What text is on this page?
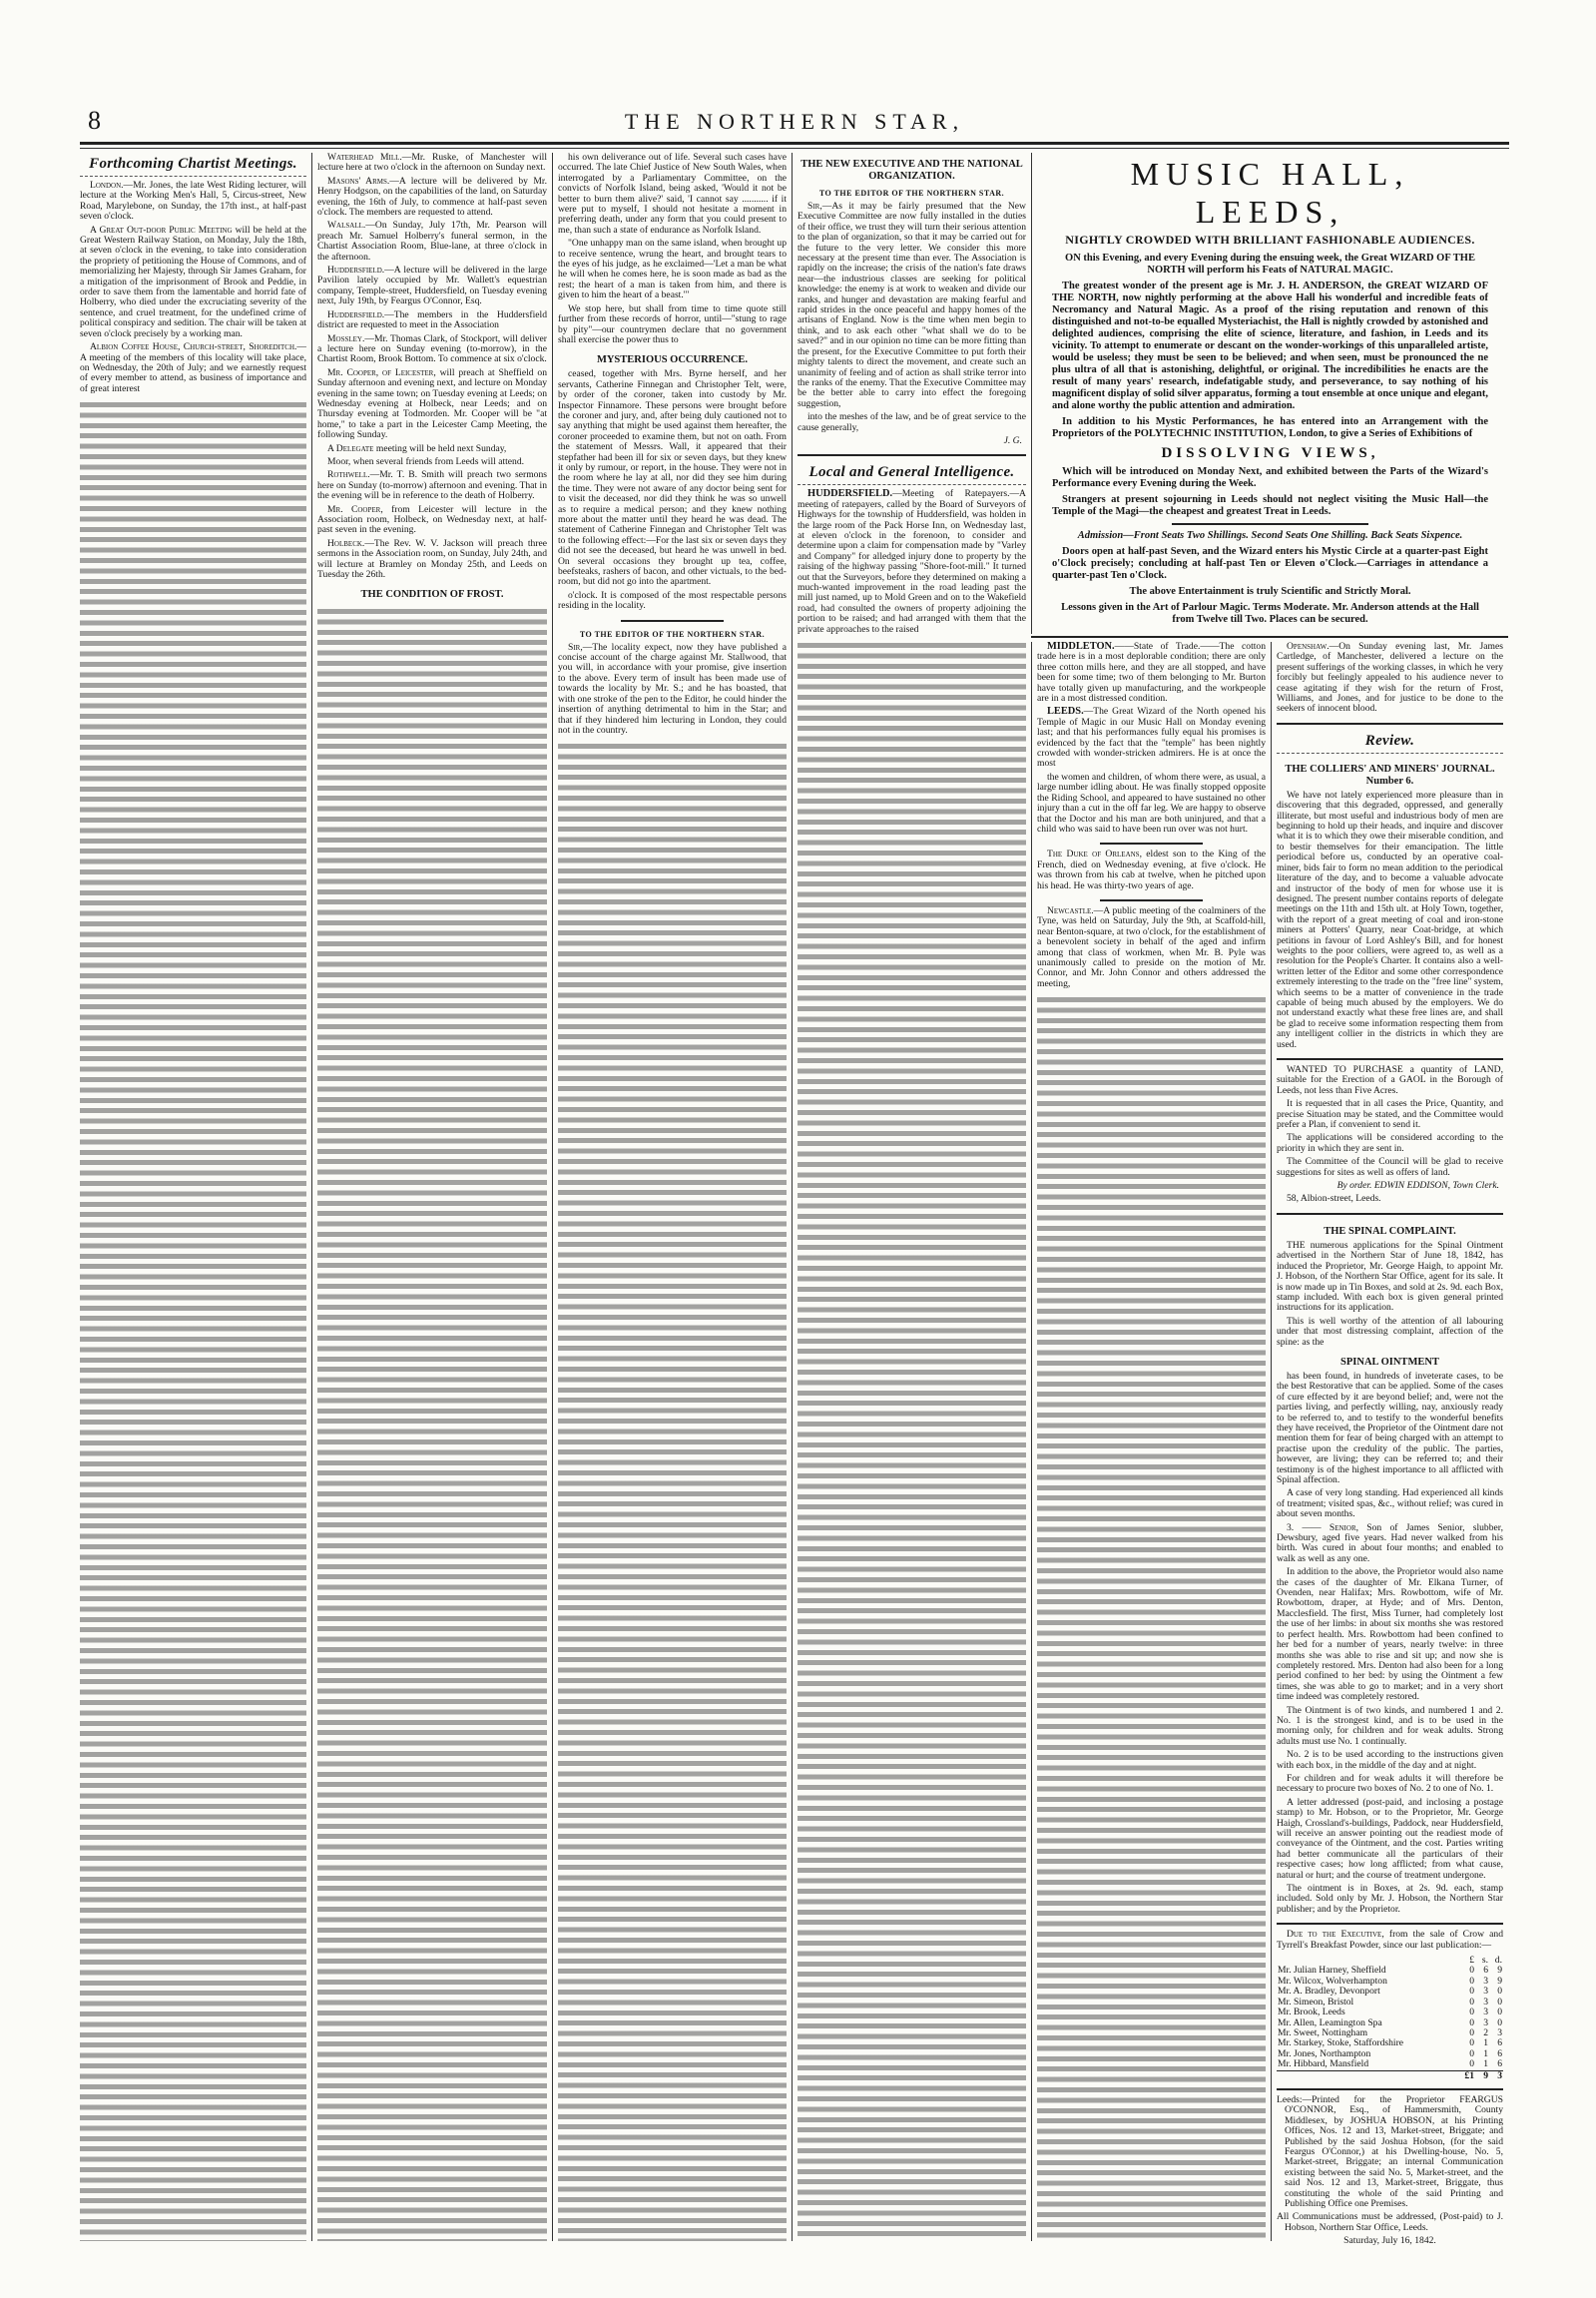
8	THE NORTHERN STAR,
Forthcoming Chartist Meetings.

London.—Mr. Jones, the late West Riding lecturer, will lecture at the Working Men's Hall, 5, Circus-street, New Road, Marylebone, on Sunday, the 17th inst., at half-past seven o'clock.

A Great Out-door Public Meeting will be held at the Great Western Railway Station, on Monday, July the 18th, at seven o'clock in the evening, to take into consideration the propriety of petitioning the House of Commons, and of memorializing her Majesty, through Sir James Graham, for a mitigation of the imprisonment of Brook and Peddie, in order to save them from the lamentable and horrid fate of Holberry, who died under the excruciating severity of the sentence, and cruel treatment, for the undefined crime of political conspiracy and sedition. The chair will be taken at seven o'clock precisely by a working man.

Albion Coffee House, Church-street, Shoreditch.—A meeting of the members of this locality will take place, on Wednesday, the 20th of July; and we earnestly request of every member to attend, as business of importance and of great interest

Waterhead Mill.—Mr. Ruske, of Manchester will lecture here at two o'clock in the afternoon on Sunday next.

Masons' Arms.—A lecture will be delivered by Mr. Henry Hodgson, on the capabilities of the land, on Saturday evening, the 16th of July, to commence at half-past seven o'clock. The members are requested to attend.

Walsall.—On Sunday, July 17th, Mr. Pearson will preach Mr. Samuel Holberry's funeral sermon, in the Chartist Association Room, Blue-lane, at three o'clock in the afternoon.

Huddersfield.—A lecture will be delivered in the large Pavilion lately occupied by Mr. Wallett's equestrian company, Temple-street, Huddersfield, on Tuesday evening next, July 19th, by Feargus O'Connor, Esq.

Huddersfield.—The members in the Huddersfield district are requested to meet in the Association

Mossley.—Mr. Thomas Clark, of Stockport, will deliver a lecture here on Sunday evening (to-morrow), in the Chartist Room, Brook Bottom. To commence at six o'clock.

Mr. Cooper, of Leicester, will preach at Sheffield on Sunday afternoon and evening next, and lecture on Monday evening in the same town; on Tuesday evening at Leeds; on Wednesday evening at Holbeck, near Leeds; and on Thursday evening at Todmorden. Mr. Cooper will be "at home," to take a part in the Leicester Camp Meeting, the following Sunday.

A Delegate meeting will be held next Sunday,

Moor, when several friends from Leeds will attend.

Rothwell.—Mr. T. B. Smith will preach two sermons here on Sunday (to-morrow) afternoon and evening. That in the evening will be in reference to the death of Holberry.

Mr. Cooper, from Leicester will lecture in the Association room, Holbeck, on Wednesday next, at half-past seven in the evening.

Holbeck.—The Rev. W. V. Jackson will preach three sermons in the Association room, on Sunday, July 24th, and will lecture at Bramley on Monday 25th, and Leeds on Tuesday the 26th.

THE CONDITION OF FROST.

his own deliverance out of life. Several such cases have occurred. The late Chief Justice of New South Wales, when interrogated by a Parliamentary Committee, on the convicts of Norfolk Island, being asked, 'Would it not be better to burn them alive?' said, 'I cannot say ........... if it were put to myself, I should not hesitate a moment in preferring death, under any form that you could present to me, than such a state of endurance as Norfolk Island.

"One unhappy man on the same island, when brought up to receive sentence, wrung the heart, and brought tears to the eyes of his judge, as he exclaimed—'Let a man be what he will when he comes here, he is soon made as bad as the rest; the heart of a man is taken from him, and there is given to him the heart of a beast.'"

We stop here, but shall from time to time quote still further from these records of horror, until—"stung to rage by pity"—our countrymen declare that no government shall exercise the power thus to

MYSTERIOUS OCCURRENCE.

ceased, together with Mrs. Byrne herself, and her servants, Catherine Finnegan and Christopher Telt, were, by order of the coroner, taken into custody by Mr. Inspector Finnamore. These persons were brought before the coroner and jury, and, after being duly cautioned not to say anything that might be used against them hereafter, the coroner proceeded to examine them, but not on oath. From the statement of Messrs. Wall, it appeared that their stepfather had been ill for six or seven days, but they knew it only by rumour, or report, in the house. They were not in the room where he lay at all, nor did they see him during the time. They were not aware of any doctor being sent for to visit the deceased, nor did they think he was so unwell as to require a medical person; and they knew nothing more about the matter until they heard he was dead. The statement of Catherine Finnegan and Christopher Telt was to the following effect:—For the last six or seven days they did not see the deceased, but heard he was unwell in bed. On several occasions they brought up tea, coffee, beefsteaks, rashers of bacon, and other victuals, to the bed-room, but did not go into the apartment.

o'clock. It is composed of the most respectable persons residing in the locality.

TO THE EDITOR OF THE NORTHERN STAR.

Sir,—The locality expect, now they have published a concise account of the charge against Mr. Stallwood, that you will, in accordance with your promise, give insertion to the above. Every term of insult has been made use of towards the locality by Mr. S.; and he has boasted, that with one stroke of the pen to the Editor, he could hinder the insertion of anything detrimental to him in the Star; and that if they hindered him lecturing in London, they could not in the country.

THE NEW EXECUTIVE AND THE NATIONAL ORGANIZATION.
TO THE EDITOR OF THE NORTHERN STAR.

Sir,—As it may be fairly presumed that the New Executive Committee are now fully installed in the duties of their office, we trust they will turn their serious attention to the plan of organization, so that it may be carried out for the future to the very letter. We consider this more necessary at the present time than ever. The Association is rapidly on the increase; the crisis of the nation's fate draws near—the industrious classes are seeking for political knowledge: the enemy is at work to weaken and divide our ranks, and hunger and devastation are making fearful and rapid strides in the once peaceful and happy homes of the artisans of England. Now is the time when men begin to think, and to ask each other "what shall we do to be saved?" and in our opinion no time can be more fitting than the present, for the Executive Committee to put forth their mighty talents to direct the movement, and create such an unanimity of feeling and of action as shall strike terror into the ranks of the enemy. That the Executive Committee may be the better able to carry into effect the foregoing suggestion,

into the meshes of the law, and be of great service to the cause generally,

J. G.
Local and General Intelligence.

HUDDERSFIELD.—Meeting of Ratepayers.—A meeting of ratepayers, called by the Board of Surveyors of Highways for the township of Huddersfield, was holden in the large room of the Pack Horse Inn, on Wednesday last, at eleven o'clock in the forenoon, to consider and determine upon a claim for compensation made by "Varley and Company" for alledged injury done to property by the raising of the highway passing "Shore-foot-mill." It turned out that the Surveyors, before they determined on making a much-wanted improvement in the road leading past the mill just named, up to Mold Green and on to the Wakefield road, had consulted the owners of property adjoining the portion to be raised; and had arranged with them that the private approaches to the raised

MUSIC HALL, LEEDS,
NIGHTLY CROWDED WITH BRILLIANT FASHIONABLE AUDIENCES.

ON this Evening, and every Evening during the ensuing week, the Great WIZARD OF THE NORTH will perform his Feats of NATURAL MAGIC.

The greatest wonder of the present age is Mr. J. H. ANDERSON, the GREAT WIZARD OF THE NORTH, now nightly performing at the above Hall his wonderful and incredible feats of Necromancy and Natural Magic. As a proof of the rising reputation and renown of this distinguished and not-to-be equalled Mysteriachist, the Hall is nightly crowded by astonished and delighted audiences, comprising the elite of science, literature, and fashion, in Leeds and its vicinity. To attempt to enumerate or descant on the wonder-workings of this unparalleled artiste, would be useless; they must be seen to be believed; and when seen, must be pronounced the ne plus ultra of all that is astonishing, delightful, or original. The incredibilities he enacts are the result of many years' research, indefatigable study, and perseverance, to say nothing of his magnificent display of solid silver apparatus, forming a tout ensemble at once unique and elegant, and alone worthy the public attention and admiration.

In addition to his Mystic Performances, he has entered into an Arrangement with the Proprietors of the POLYTECHNIC INSTITUTION, London, to give a Series of Exhibitions of

DISSOLVING VIEWS,

Which will be introduced on Monday Next, and exhibited between the Parts of the Wizard's Performance every Evening during the Week.

Strangers at present sojourning in Leeds should not neglect visiting the Music Hall—the Temple of the Magi—the cheapest and greatest Treat in Leeds.

Admission—Front Seats Two Shillings. Second Seats One Shilling. Back Seats Sixpence.

Doors open at half-past Seven, and the Wizard enters his Mystic Circle at a quarter-past Eight o'Clock precisely; concluding at half-past Ten or Eleven o'Clock.—Carriages in attendance a quarter-past Ten o'Clock.

The above Entertainment is truly Scientific and Strictly Moral.

Lessons given in the Art of Parlour Magic. Terms Moderate. Mr. Anderson attends at the Hall from Twelve till Two. Places can be secured.

MIDDLETON.——State of Trade.——The cotton trade here is in a most deplorable condition; there are only three cotton mills here, and they are all stopped, and have been for some time; two of them belonging to Mr. Burton have totally given up manufacturing, and the workpeople are in a most distressed condition.

LEEDS.—The Great Wizard of the North opened his Temple of Magic in our Music Hall on Monday evening last; and that his performances fully equal his promises is evidenced by the fact that the "temple" has been nightly crowded with wonder-stricken admirers. He is at once the most

the women and children, of whom there were, as usual, a large number idling about. He was finally stopped opposite the Riding School, and appeared to have sustained no other injury than a cut in the off far leg. We are happy to observe that the Doctor and his man are both uninjured, and that a child who was said to have been run over was not hurt.

The Duke of Orleans, eldest son to the King of the French, died on Wednesday evening, at five o'clock. He was thrown from his cab at twelve, when he pitched upon his head. He was thirty-two years of age.

Newcastle.—A public meeting of the coalminers of the Tyne, was held on Saturday, July the 9th, at Scaffold-hill, near Benton-square, at two o'clock, for the establishment of a benevolent society in behalf of the aged and infirm among that class of workmen, when Mr. B. Pyle was unanimously called to preside on the motion of Mr. Connor, and Mr. John Connor and others addressed the meeting,

Openshaw.—On Sunday evening last, Mr. James Cartledge, of Manchester, delivered a lecture on the present sufferings of the working classes, in which he very forcibly but feelingly appealed to his audience never to cease agitating if they wish for the return of Frost, Williams, and Jones, and for justice to be done to the seekers of innocent blood.

Review.
THE COLLIERS' AND MINERS' JOURNAL. Number 6.

We have not lately experienced more pleasure than in discovering that this degraded, oppressed, and generally illiterate, but most useful and industrious body of men are beginning to hold up their heads, and inquire and discover what it is to which they owe their miserable condition, and to bestir themselves for their emancipation. The little periodical before us, conducted by an operative coal-miner, bids fair to form no mean addition to the periodical literature of the day, and to become a valuable advocate and instructor of the body of men for whose use it is designed. The present number contains reports of delegate meetings on the 11th and 15th ult. at Holy Town, together, with the report of a great meeting of coal and iron-stone miners at Potters' Quarry, near Coat-bridge, at which petitions in favour of Lord Ashley's Bill, and for honest weights to the poor colliers, were agreed to, as well as a resolution for the People's Charter. It contains also a well-written letter of the Editor and some other correspondence extremely interesting to the trade on the "free line" system, which seems to be a matter of convenience in the trade capable of being much abused by the employers. We do not understand exactly what these free lines are, and shall be glad to receive some information respecting them from any intelligent collier in the districts in which they are used.

WANTED TO PURCHASE a quantity of LAND, suitable for the Erection of a GAOL in the Borough of Leeds, not less than Five Acres.

It is requested that in all cases the Price, Quantity, and precise Situation may be stated, and the Committee would prefer a Plan, if convenient to send it.

The applications will be considered according to the priority in which they are sent in.

The Committee of the Council will be glad to receive suggestions for sites as well as offers of land.

By order. EDWIN EDDISON, Town Clerk.

58, Albion-street, Leeds.

THE SPINAL COMPLAINT.

THE numerous applications for the Spinal Ointment advertised in the Northern Star of June 18, 1842, has induced the Proprietor, Mr. George Haigh, to appoint Mr. J. Hobson, of the Northern Star Office, agent for its sale. It is now made up in Tin Boxes, and sold at 2s. 9d. each Box, stamp included. With each box is given general printed instructions for its application.

This is well worthy of the attention of all labouring under that most distressing complaint, affection of the spine: as the

SPINAL OINTMENT

has been found, in hundreds of inveterate cases, to be the best Restorative that can be applied. Some of the cases of cure effected by it are beyond belief; and, were not the parties living, and perfectly willing, nay, anxiously ready to be referred to, and to testify to the wonderful benefits they have received, the Proprietor of the Ointment dare not mention them for fear of being charged with an attempt to practise upon the credulity of the public. The parties, however, are living; they can be referred to; and their testimony is of the highest importance to all afflicted with Spinal affection.

A case of very long standing. Had experienced all kinds of treatment; visited spas, &c., without relief; was cured in about seven months.

3. —— Senior, Son of James Senior, slubber, Dewsbury, aged five years. Had never walked from his birth. Was cured in about four months; and enabled to walk as well as any one.

In addition to the above, the Proprietor would also name the cases of the daughter of Mr. Elkana Turner, of Ovenden, near Halifax; Mrs. Rowbottom, wife of Mr. Rowbottom, draper, at Hyde; and of Mrs. Denton, Macclesfield. The first, Miss Turner, had completely lost the use of her limbs: in about six months she was restored to perfect health. Mrs. Rowbottom had been confined to her bed for a number of years, nearly twelve: in three months she was able to rise and sit up; and now she is completely restored. Mrs. Denton had also been for a long period confined to her bed: by using the Ointment a few times, she was able to go to market; and in a very short time indeed was completely restored.

The Ointment is of two kinds, and numbered 1 and 2. No. 1 is the strongest kind, and is to be used in the morning only, for children and for weak adults. Strong adults must use No. 1 continually.

No. 2 is to be used according to the instructions given with each box, in the middle of the day and at night.

For children and for weak adults it will therefore be necessary to procure two boxes of No. 2 to one of No. 1.

A letter addressed (post-paid, and inclosing a postage stamp) to Mr. Hobson, or to the Proprietor, Mr. George Haigh, Crossland's-buildings, Paddock, near Huddersfield, will receive an answer pointing out the readiest mode of conveyance of the Ointment, and the cost. Parties writing had better communicate all the particulars of their respective cases; how long afflicted; from what cause, natural or hurt; and the course of treatment undergone.

The ointment is in Boxes, at 2s. 9d. each, stamp included. Sold only by Mr. J. Hobson, the Northern Star publisher; and by the Proprietor.

Due to the Executive, from the sale of Crow and Tyrrell's Breakfast Powder, since our last publication:—

	£	s.	d.
Mr. Julian Harney, Sheffield	0	6	9
Mr. Wilcox, Wolverhampton	0	3	9
Mr. A. Bradley, Devonport	0	3	0
Mr. Simeon, Bristol	0	3	0
Mr. Brook, Leeds	0	3	0
Mr. Allen, Leamington Spa	0	3	0
Mr. Sweet, Nottingham	0	2	3
Mr. Starkey, Stoke, Staffordshire	0	1	6
Mr. Jones, Northampton	0	1	6
Mr. Hibbard, Mansfield	0	1	6
	£1	9	3

Leeds:—Printed for the Proprietor FEARGUS O'CONNOR, Esq., of Hammersmith, County Middlesex, by JOSHUA HOBSON, at his Printing Offices, Nos. 12 and 13, Market-street, Briggate; and Published by the said Joshua Hobson, (for the said Feargus O'Connor,) at his Dwelling-house, No. 5, Market-street, Briggate; an internal Communication existing between the said No. 5, Market-street, and the said Nos. 12 and 13, Market-street, Briggate, thus constituting the whole of the said Printing and Publishing Office one Premises.

All Communications must be addressed, (Post-paid) to J. Hobson, Northern Star Office, Leeds.

Saturday, July 16, 1842.
